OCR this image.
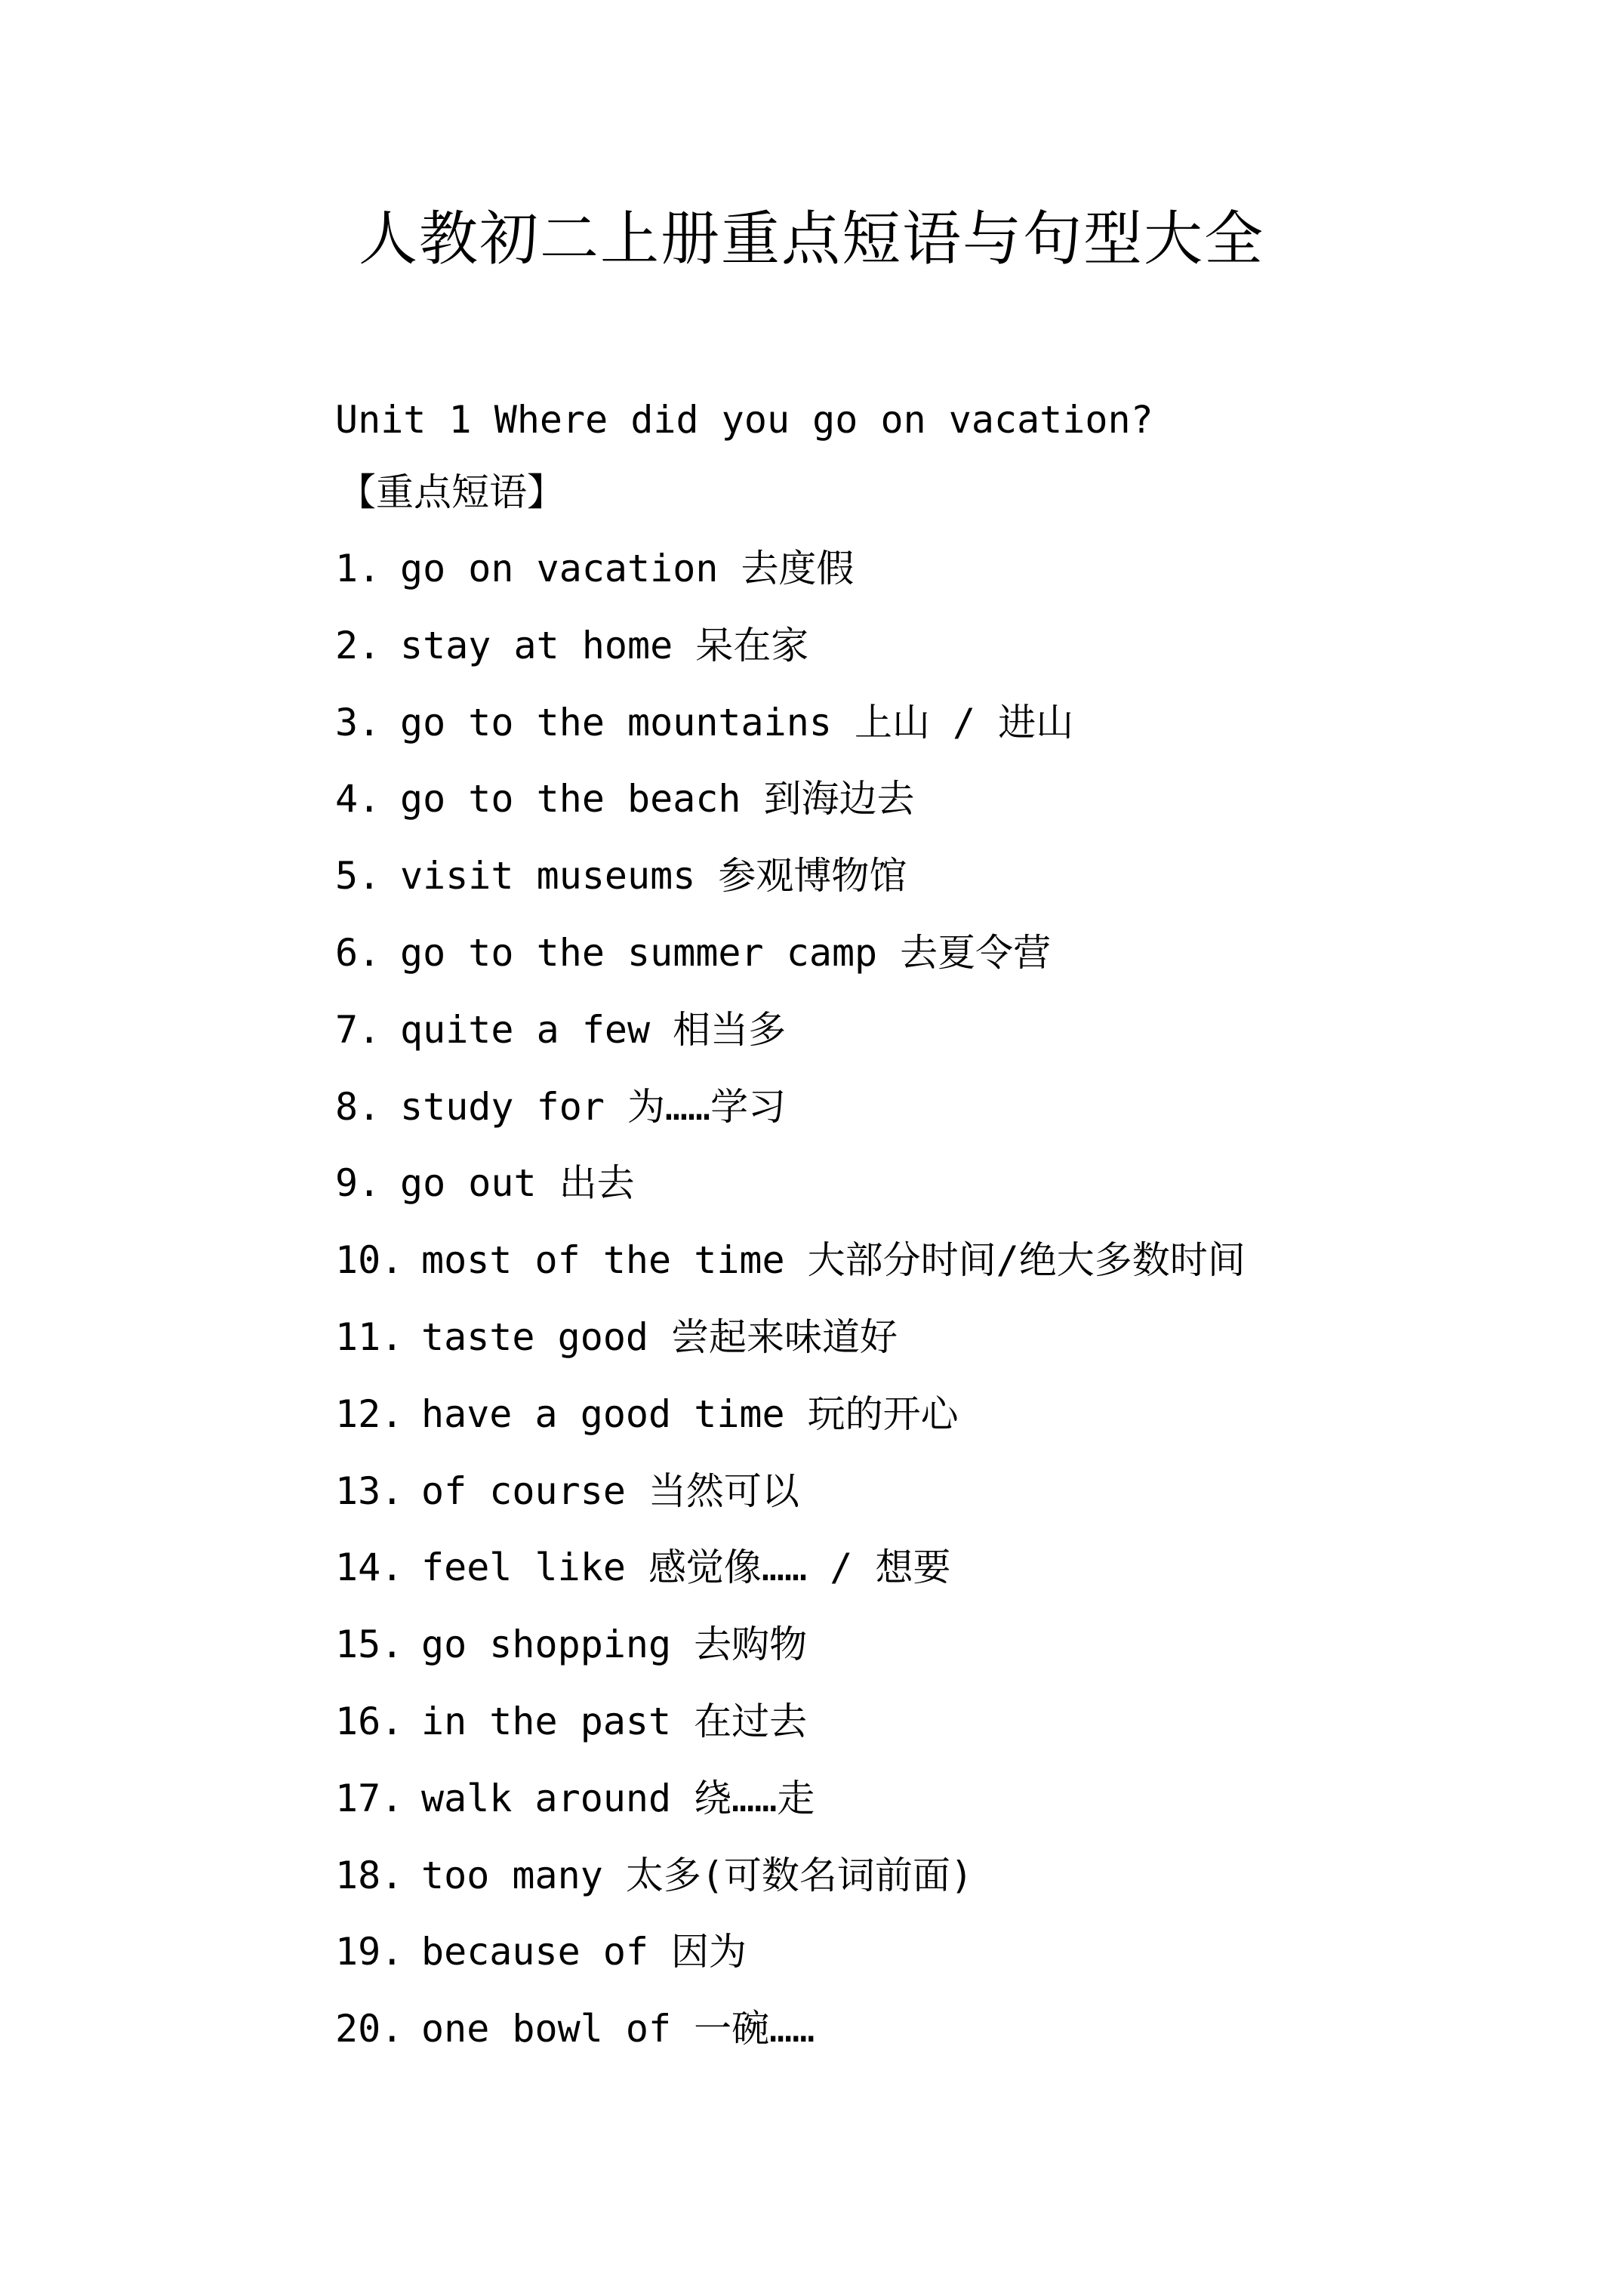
人教初二上册重点短语与句型大全
Unit 1 Where did you go on vacation?
【重点短语】
1. go on vacation 去度假
2. stay at home 呆在家
3. go to the mountains 上山 / 进山
4. go to the beach 到海边去
5. visit museums 参观博物馆
6. go to the summer camp 去夏令营
7. quite a few 相当多
8. study for 为……学习
9. go out 出去
10. most of the time 大部分时间/绝大多数时间
11. taste good 尝起来味道好
12. have a good time 玩的开心
13. of course 当然可以
14. feel like 感觉像…… / 想要
15. go shopping 去购物
16. in the past 在过去
17. walk around 绕……走
18. too many 太多(可数名词前面)
19. because of 因为
20. one bowl of 一碗……
